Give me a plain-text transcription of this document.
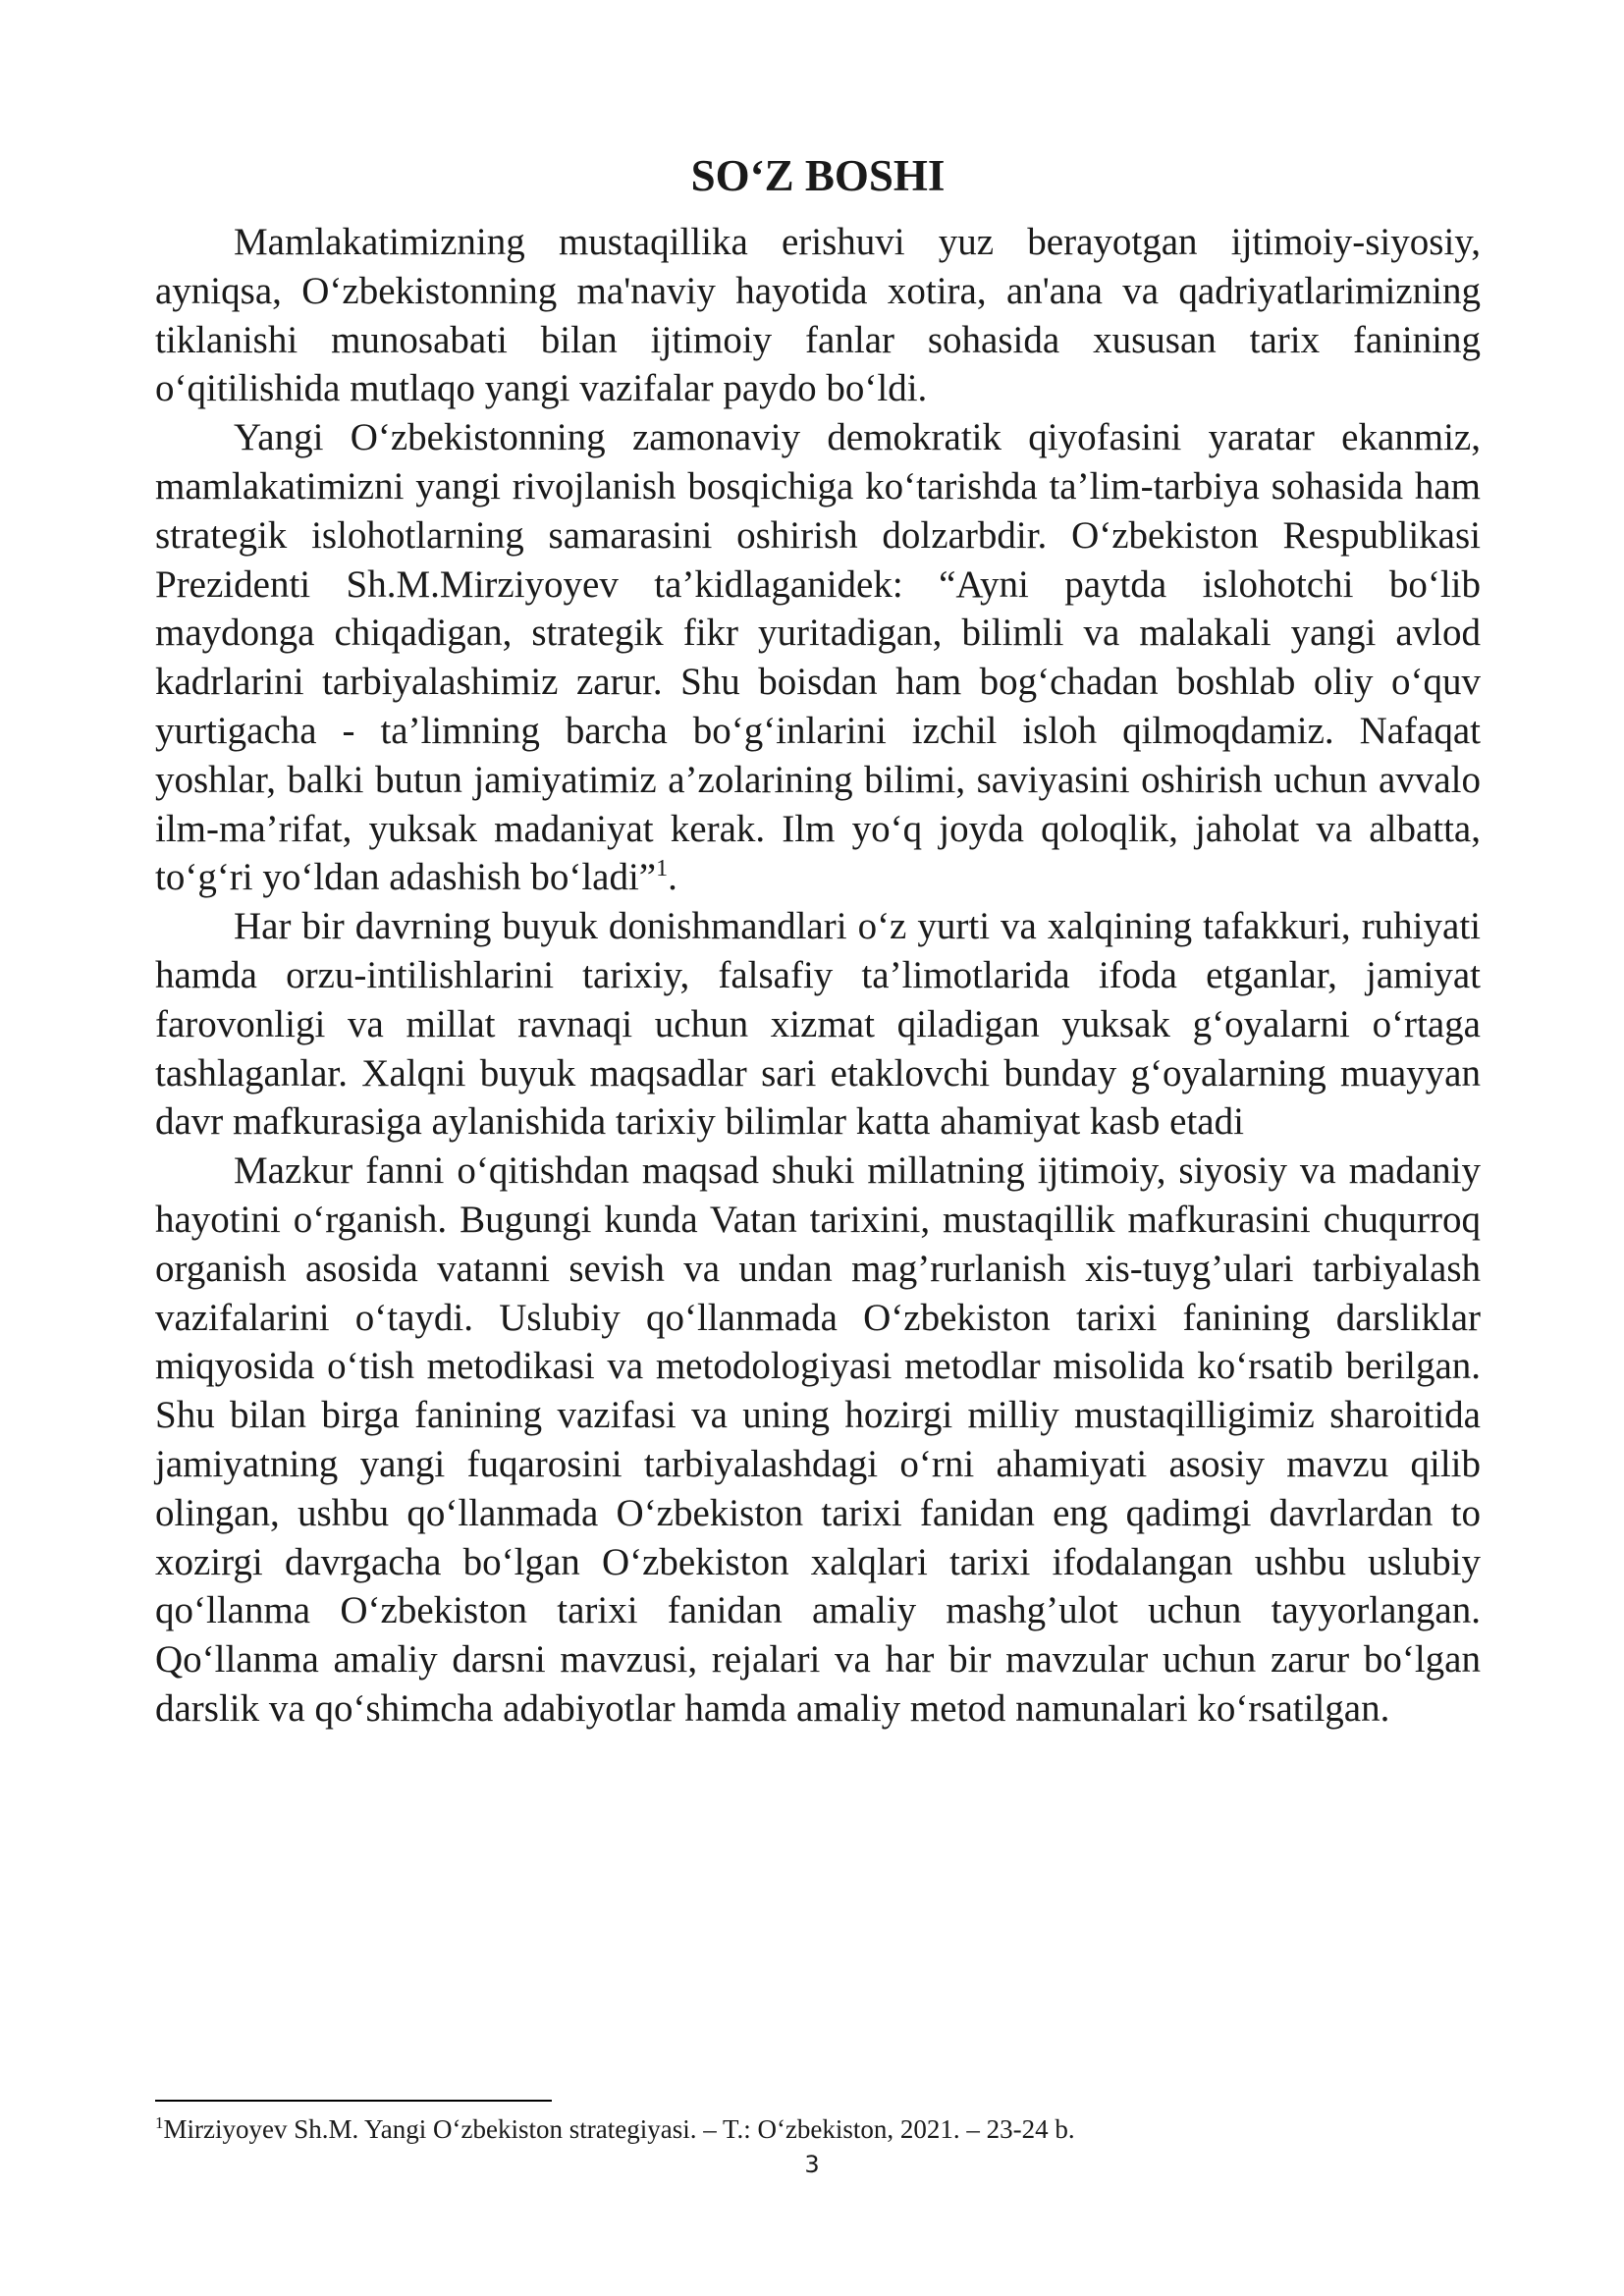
SO‘Z BOSHI

Mamlakatimizning mustaqillika erishuvi yuz berayotgan ijtimoiy-siyosiy, ayniqsa, O‘zbekistonning ma'naviy hayotida xotira, an'ana va qadriyatlarimizning tiklanishi munosabati bilan ijtimoiy fanlar sohasida xususan tarix fanining o‘qitilishida mutlaqo yangi vazifalar paydo bo‘ldi.

Yangi O‘zbekistonning zamonaviy demokratik qiyofasini yaratar ekanmiz, mamlakatimizni yangi rivojlanish bosqichiga ko‘tarishda ta’lim-tarbiya sohasida ham strategik islohotlarning samarasini oshirish dolzarbdir. O‘zbekiston Respublikasi Prezidenti Sh.M.Mirziyoyev ta’kidlaganidek: “Ayni paytda islohotchi bo‘lib maydonga chiqadigan, strategik fikr yuritadigan, bilimli va malakali yangi avlod kadrlarini tarbiyalashimiz zarur. Shu boisdan ham bog‘chadan boshlab oliy o‘quv yurtigacha - ta’limning barcha bo‘g‘inlarini izchil isloh qilmoqdamiz. Nafaqat yoshlar, balki butun jamiyatimiz a’zolarining bilimi, saviyasini oshirish uchun avvalo ilm-ma’rifat, yuksak madaniyat kerak. Ilm yo‘q joyda qoloqlik, jaholat va albatta, to‘g‘ri yo‘ldan adashish bo‘ladi”$^1$.

Har bir davrning buyuk donishmandlari o‘z yurti va xalqining tafakkuri, ruhiyati hamda orzu-intilishlarini tarixiy, falsafiy ta’limotlarida ifoda etganlar, jamiyat farovonligi va millat ravnaqi uchun xizmat qiladigan yuksak g‘oyalarni o‘rtaga tashlaganlar. Xalqni buyuk maqsadlar sari etaklovchi bunday g‘oyalarning muayyan davr mafkurasiga aylanishida tarixiy bilimlar katta ahamiyat kasb etadi

Mazkur fanni o‘qitishdan maqsad shuki millatning ijtimoiy, siyosiy va madaniy hayotini o‘rganish. Bugungi kunda Vatan tarixini, mustaqillik mafkurasini chuqurroq organish asosida vatanni sevish va undan mag’rurlanish xis-tuyg’ulari tarbiyalash vazifalarini o‘taydi. Uslubiy qo‘llanmada O‘zbekiston tarixi fanining darsliklar miqyosida o‘tish metodikasi va metodologiyasi metodlar misolida ko‘rsatib berilgan. Shu bilan birga fanining vazifasi va uning hozirgi milliy mustaqilligimiz sharoitida jamiyatning yangi fuqarosini tarbiyalashdagi o‘rni ahamiyati asosiy mavzu qilib olingan, ushbu qo‘llanmada O‘zbekiston tarixi fanidan eng qadimgi davrlardan to xozirgi davrgacha bo‘lgan O‘zbekiston xalqlari tarixi ifodalangan ushbu uslubiy qo‘llanma O‘zbekiston tarixi fanidan amaliy mashg’ulot uchun tayyorlangan. Qo‘llanma amaliy darsni mavzusi, rejalari va har bir mavzular uchun zarur bo‘lgan darslik va qo‘shimcha adabiyotlar hamda amaliy metod namunalari ko‘rsatilgan.

$^1$Mirziyoyev Sh.M. Yangi O‘zbekiston strategiyasi. – T.: O‘zbekiston, 2021. – 23-24 b.
3
